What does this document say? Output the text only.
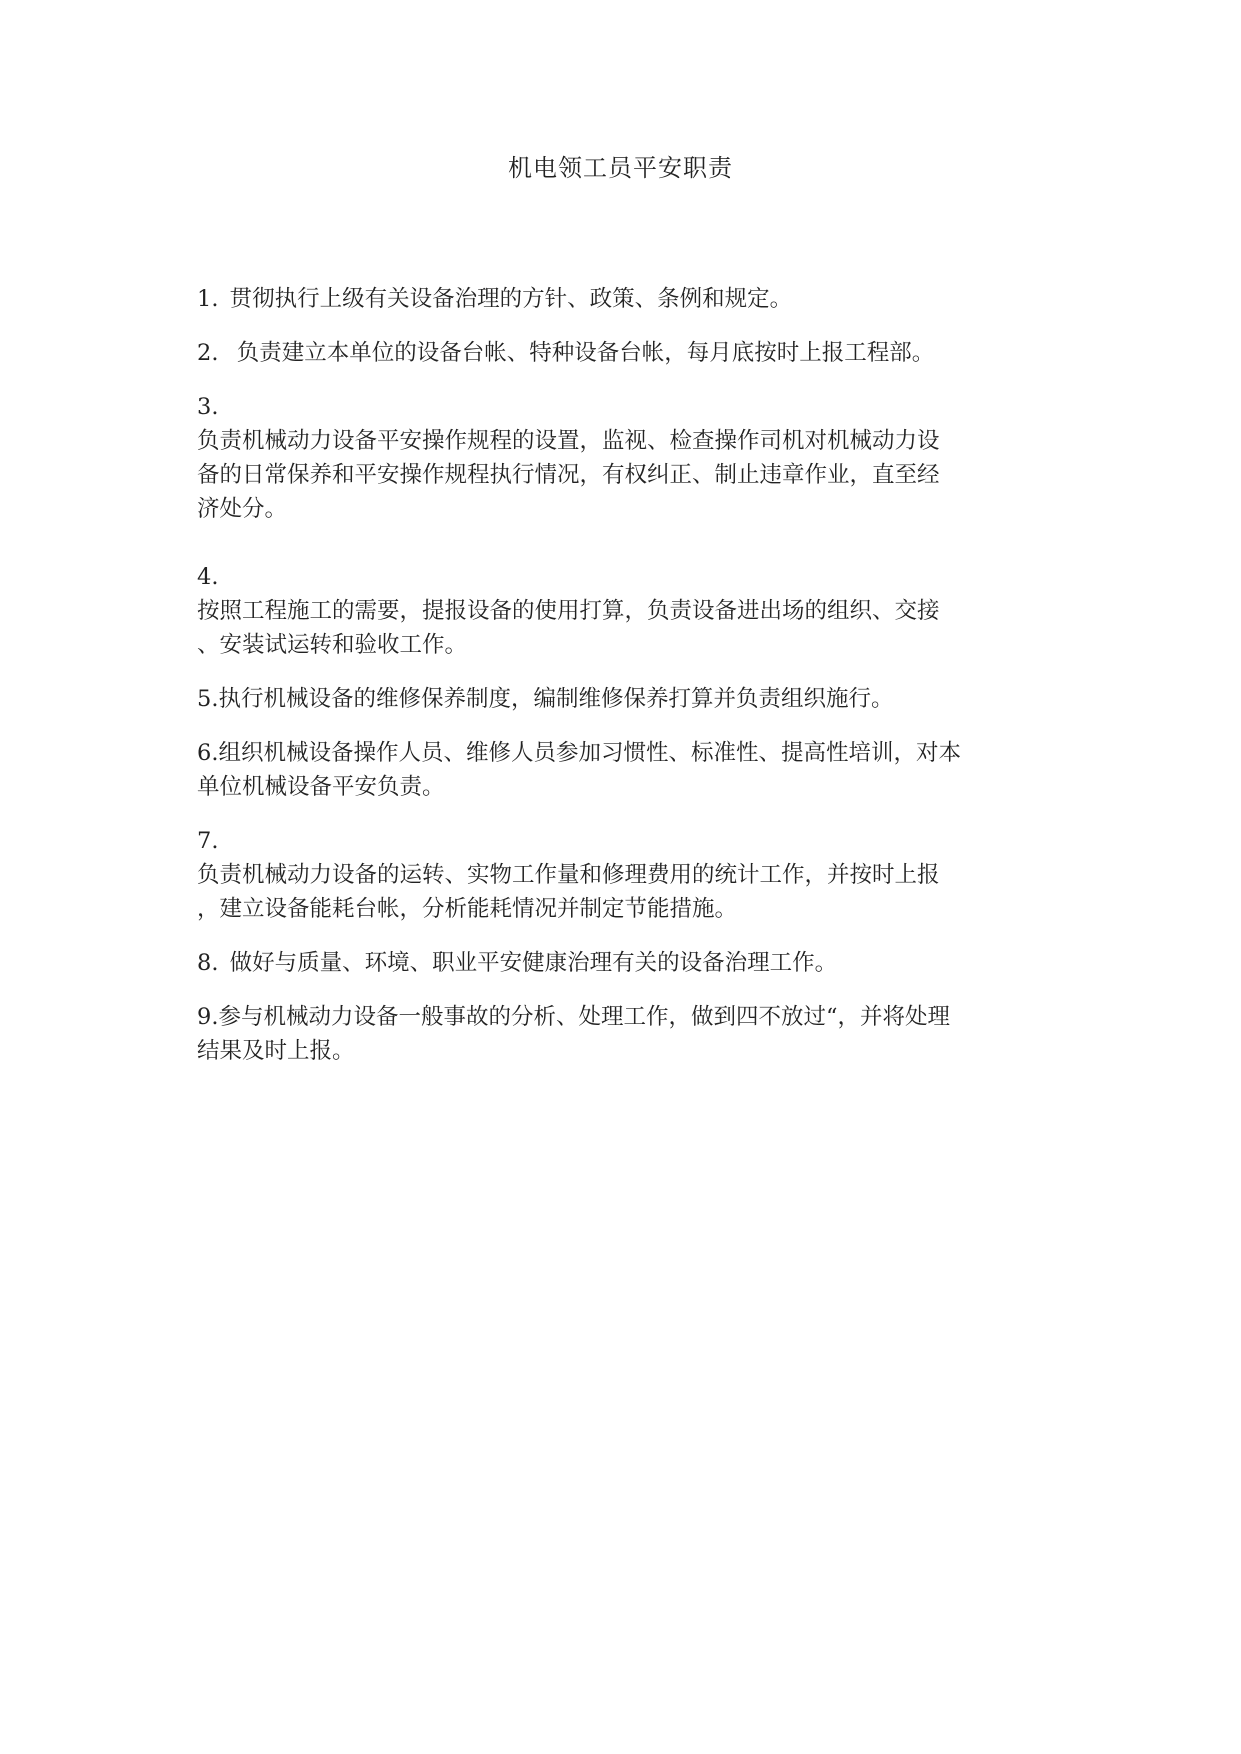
机电领工员平安职责

1. 贯彻执行上级有关设备治理的方针、政策、条例和规定。

2. 负责建立本单位的设备台帐、特种设备台帐，每月底按时上报工程部。

3.

负责机械动力设备平安操作规程的设置，监视、检查操作司机对机械动力设

备的日常保养和平安操作规程执行情况，有权纠正、制止违章作业，直至经

济处分。

4.

按照工程施工的需要，提报设备的使用打算，负责设备进出场的组织、交接

、安装试运转和验收工作。

5.执行机械设备的维修保养制度，编制维修保养打算并负责组织施行。

6.组织机械设备操作人员、维修人员参加习惯性、标准性、提高性培训，对本

单位机械设备平安负责。

7.

负责机械动力设备的运转、实物工作量和修理费用的统计工作，并按时上报

，建立设备能耗台帐，分析能耗情况并制定节能措施。

8. 做好与质量、环境、职业平安健康治理有关的设备治理工作。

9.参与机械动力设备一般事故的分析、处理工作，做到四不放过“，并将处理

结果及时上报。
